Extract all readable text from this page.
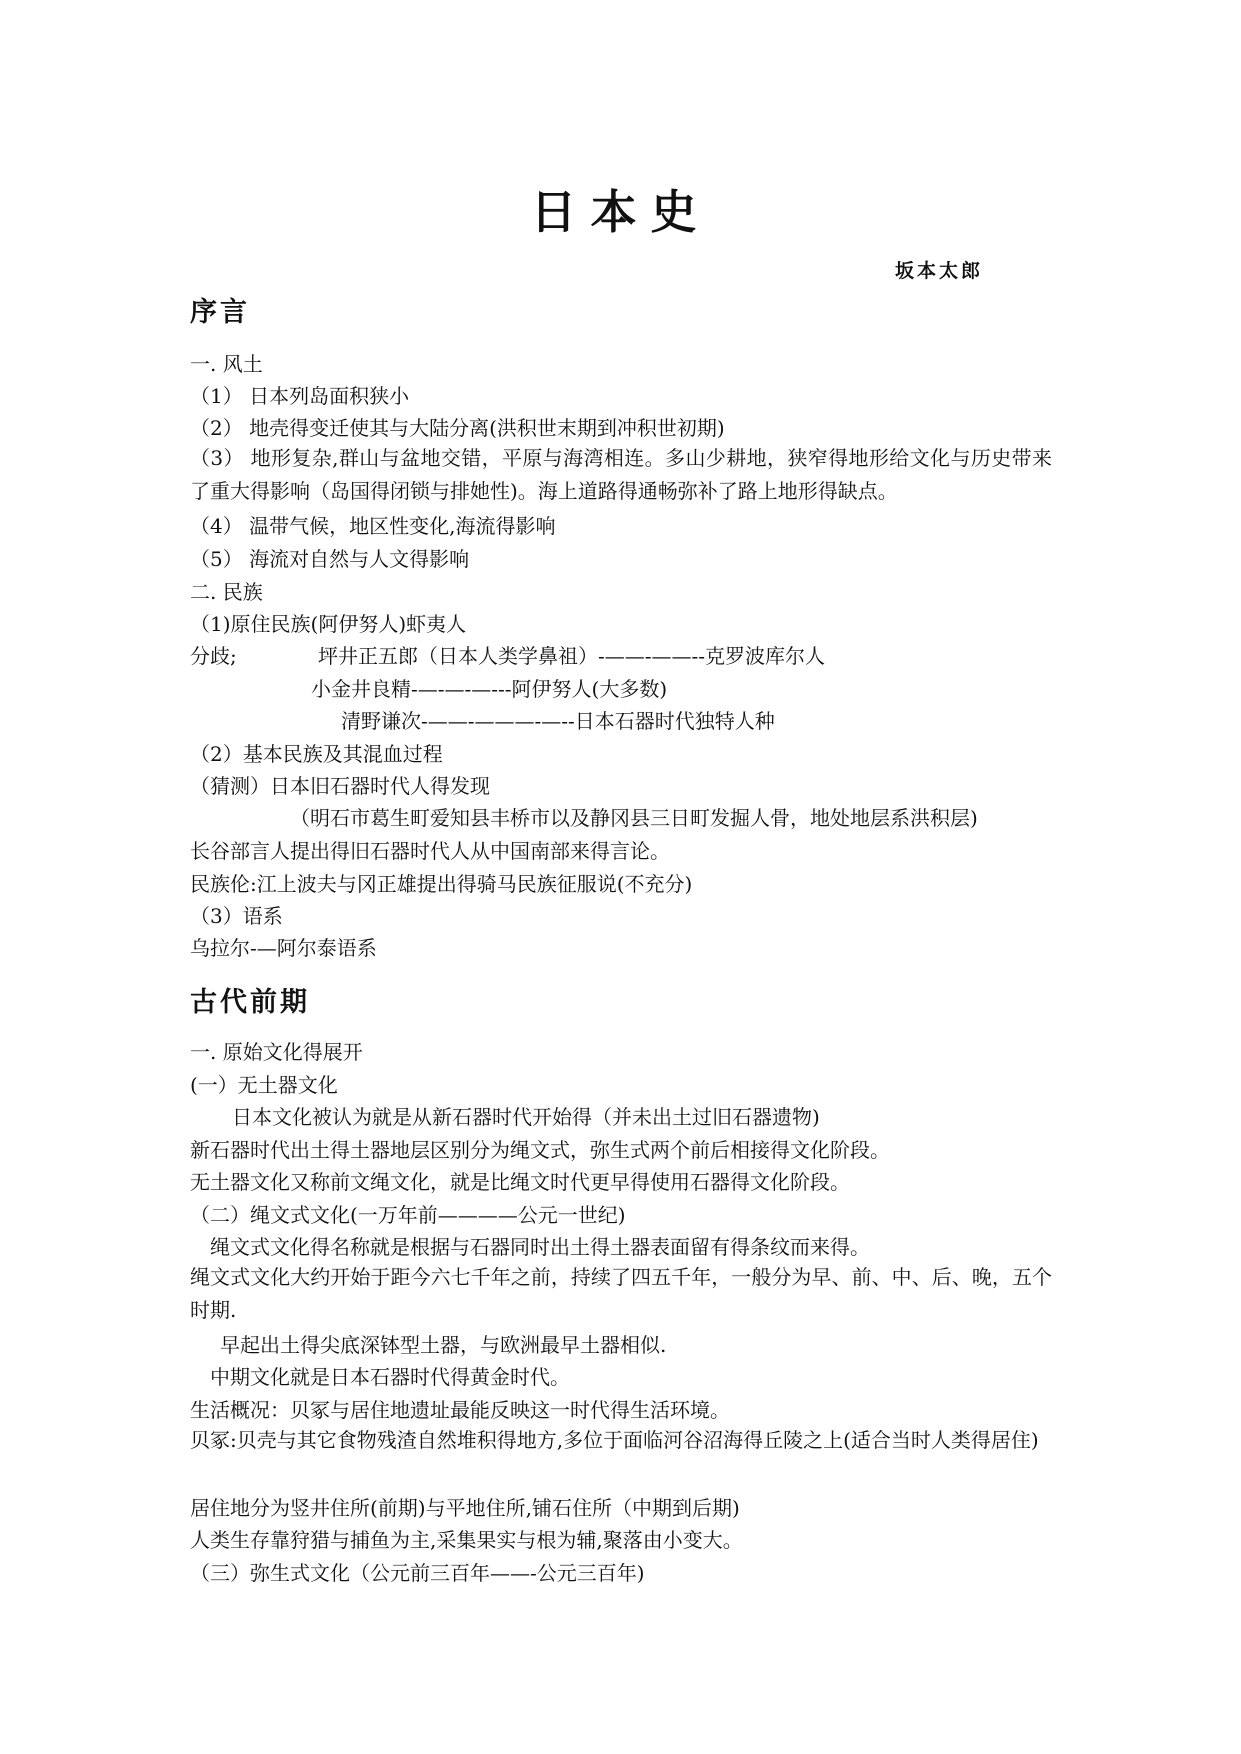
日本史
坂本太郎
序言
一. 风土
（1） 日本列岛面积狭小
（2） 地壳得变迁使其与大陆分离(洪积世末期到冲积世初期)
（3） 地形复杂,群山与盆地交错，平原与海湾相连。多山少耕地，狭窄得地形给文化与历史带来了重大得影响（岛国得闭锁与排她性)。海上道路得通畅弥补了路上地形得缺点。
（4） 温带气候，地区性变化,海流得影响
（5） 海流对自然与人文得影响
二. 民族
（1)原住民族(阿伊努人)虾夷人
分歧;	坪井正五郎（日本人类学鼻祖）-——-——--克罗波库尔人
小金井良精-—-—-—---阿伊努人(大多数)
清野谦次-——-———-—--日本石器时代独特人种
（2）基本民族及其混血过程
（猜测）日本旧石器时代人得发现
（明石市葛生町爱知县丰桥市以及静冈县三日町发掘人骨，地处地层系洪积层)
长谷部言人提出得旧石器时代人从中国南部来得言论。
民族伦:江上波夫与冈正雄提出得骑马民族征服说(不充分)
（3）语系
乌拉尔-—阿尔泰语系
古代前期
一. 原始文化得展开
(一）无土器文化
日本文化被认为就是从新石器时代开始得（并未出土过旧石器遗物)
新石器时代出土得土器地层区别分为绳文式，弥生式两个前后相接得文化阶段。
无土器文化又称前文绳文化，就是比绳文时代更早得使用石器得文化阶段。
（二）绳文式文化(一万年前————公元一世纪)
绳文式文化得名称就是根据与石器同时出土得土器表面留有得条纹而来得。
绳文式文化大约开始于距今六七千年之前，持续了四五千年，一般分为早、前、中、后、晚，五个时期.
早起出土得尖底深钵型土器，与欧洲最早土器相似.
中期文化就是日本石器时代得黄金时代。
生活概况：贝冢与居住地遗址最能反映这一时代得生活环境。
贝冢:贝壳与其它食物残渣自然堆积得地方,多位于面临河谷沼海得丘陵之上(适合当时人类得居住)
居住地分为竖井住所(前期)与平地住所,铺石住所（中期到后期)
人类生存靠狩猎与捕鱼为主,采集果实与根为辅,聚落由小变大。
（三）弥生式文化（公元前三百年——-公元三百年)
